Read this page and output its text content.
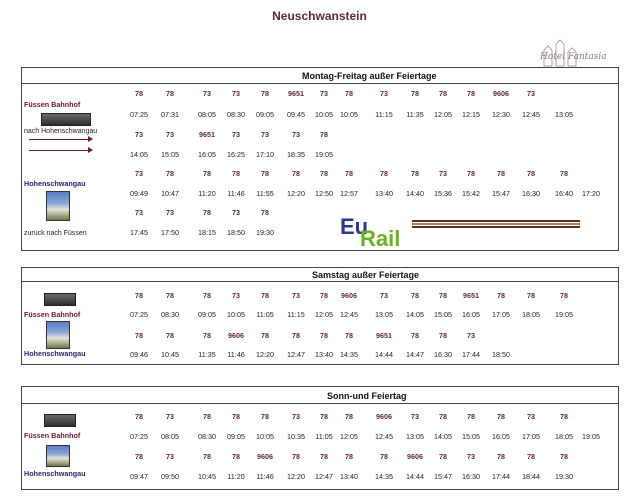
Neuschwanstein
Hotel Fantasia
Montag-Freitag außer Feiertage
78	78	73	73	78	9651 73 78	73	78	78	78	9606	73
07:25 07:31	08:05 08:30 09:05 09:45 10:05 10:05 11:15 11:35 12:05 12:15 12:30 12:45 13:05
73	73	9651 73	73	73	78
14:05 15:05	16:05 16:25 17:10 18:35 19:05
73	78	78	78	78	78	78 78	78	78	73	78	78	78	78
09:49 10:47	11:20 11:46 11:55 12:20 12:50 12:57 13:40 14:40 15:36 15:42 15:47 16:30 16:40 17:20
73	73	78	73	78
17:45 17:50	18:15 18:50 19:30
Füssen Bahnhof
nach Hohenschwangau
Hohenschwangau
zurück nach Füssen
Samstag außer Feiertage
78	78	78	73	78	73	78 9606	73	78	78 9651	78	78	78
07:25 08:30	09:05 10:05 11:05 11:15 12:05 12:45 13:05 14:05 15:05 16:05 17:05 18:05 19:05
78	78	78 9606 78	78	78 78	9651	78	78	73
09:46 10:45	11:35 11:46 12:20 12:47 13:40 14:35 14:44 14:47 16:30 17:44 18:50
Füssen Bahnhof
Hohenschwangau
Sonn-und Feiertag
78	73	78	78	78	73	78 78	9606	73	78	78	78	73	78
07:25 08:05	08:30 09:05 10:05 10:35 11:05 12:05 12:45 13:05 14:05 15:05 16:05 17:05 18:05 19:05
78	73	78	78 9606	78	78 78	78	9606 78	73	78	78	78
09:47 09:50	10:45 11:20 11:46 12:20 12:47 13:40 14:35 14:44 15:47 16:30 17:44 18:44 19:30
Füssen Bahnhof
Hohenschwangau
Eu
Rail
